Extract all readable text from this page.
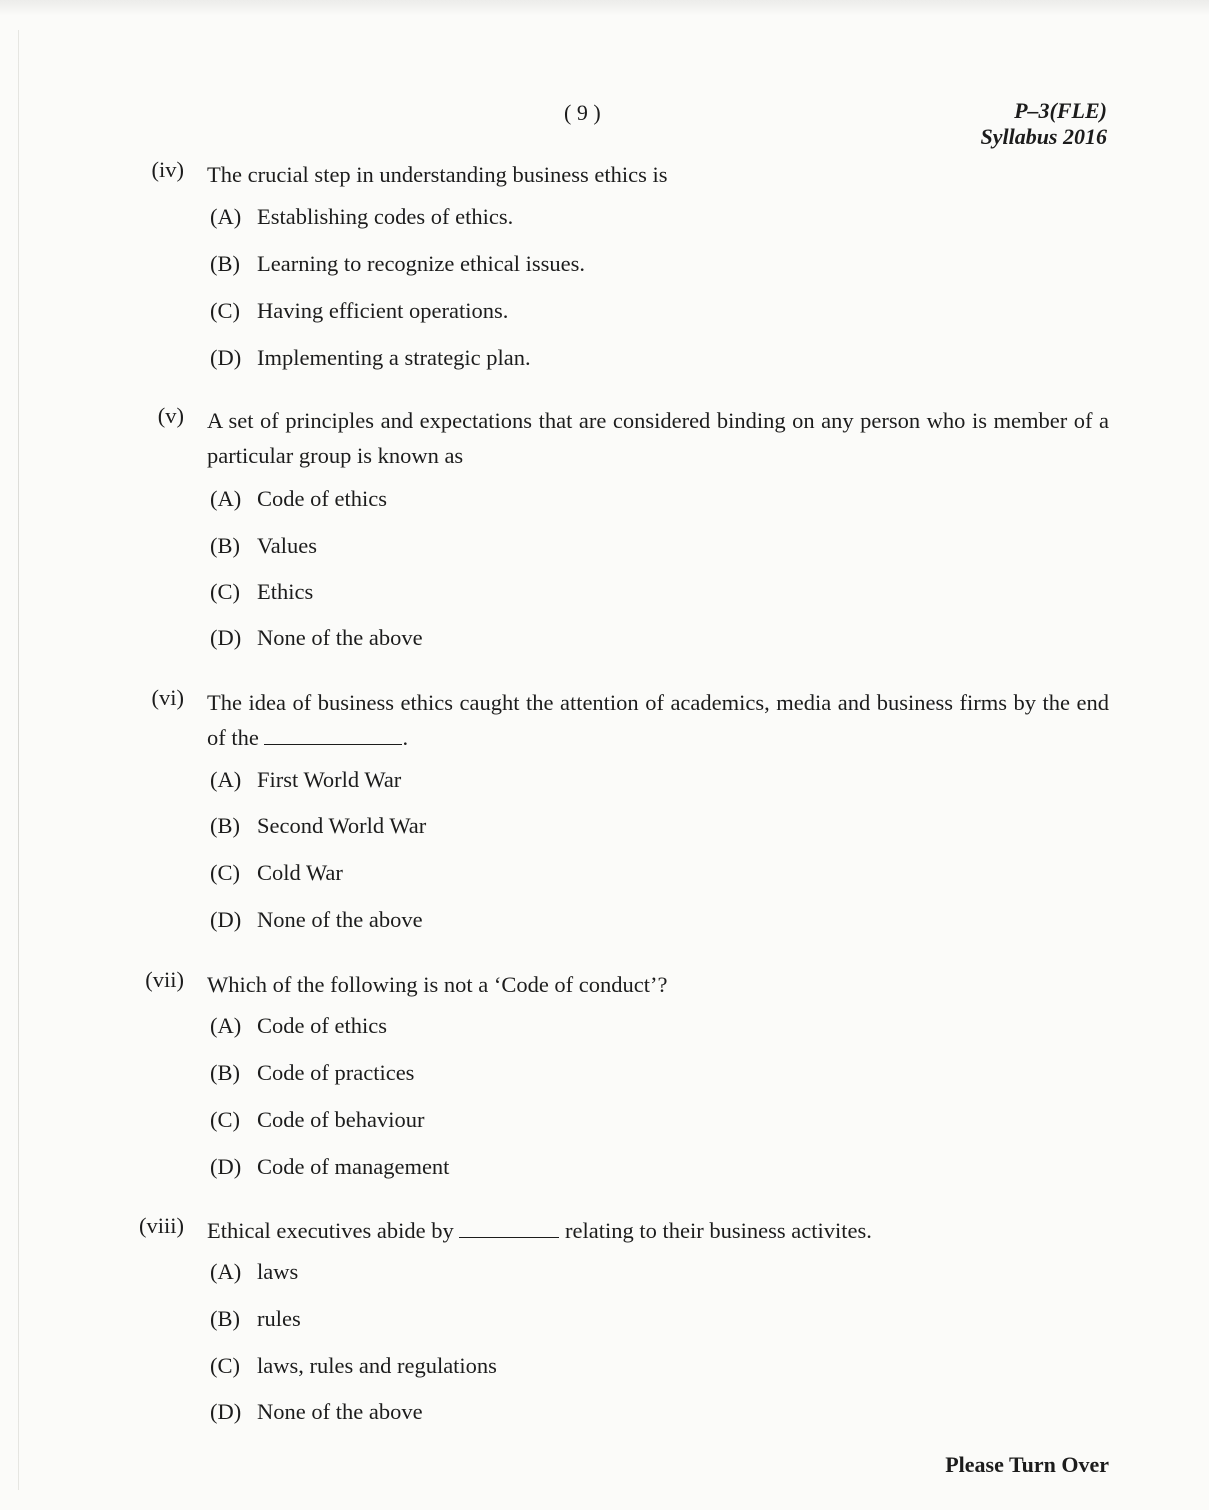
( 9 )	P–3(FLE)
Syllabus 2016
(iv) The crucial step in understanding business ethics is
(A) Establishing codes of ethics.
(B) Learning to recognize ethical issues.
(C) Having efficient operations.
(D) Implementing a strategic plan.
(v) A set of principles and expectations that are considered binding on any person who is member of a particular group is known as
(A) Code of ethics
(B) Values
(C) Ethics
(D) None of the above
(vi) The idea of business ethics caught the attention of academics, media and business firms by the end of the	.
(A) First World War
(B) Second World War
(C) Cold War
(D) None of the above
(vii) Which of the following is not a ‘Code of conduct’?
(A) Code of ethics
(B) Code of practices
(C) Code of behaviour
(D) Code of management
(viii) Ethical executives abide by	relating to their business activites.
(A) laws
(B) rules
(C) laws, rules and regulations
(D) None of the above
Please Turn Over
